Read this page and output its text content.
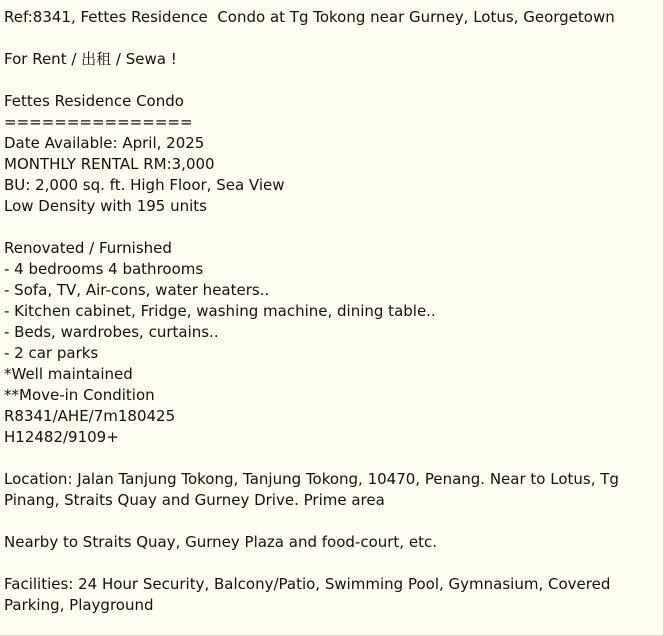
Ref:8341, Fettes Residence  Condo at Tg Tokong near Gurney, Lotus, Georgetown
For Rent / 出租 / Sewa !
Fettes Residence Condo
===============
Date Available: April, 2025
MONTHLY RENTAL RM:3,000
BU: 2,000 sq. ft. High Floor, Sea View
Low Density with 195 units
Renovated / Furnished
- 4 bedrooms 4 bathrooms
- Sofa, TV, Air-cons, water heaters..
- Kitchen cabinet, Fridge, washing machine, dining table..
- Beds, wardrobes, curtains..
- 2 car parks
*Well maintained
**Move-in Condition
R8341/AHE/7m180425
H12482/9109+
Location: Jalan Tanjung Tokong, Tanjung Tokong, 10470, Penang. Near to Lotus, Tg Pinang, Straits Quay and Gurney Drive. Prime area
Nearby to Straits Quay, Gurney Plaza and food-court, etc.
Facilities: 24 Hour Security, Balcony/Patio, Swimming Pool, Gymnasium, Covered Parking, Playground
